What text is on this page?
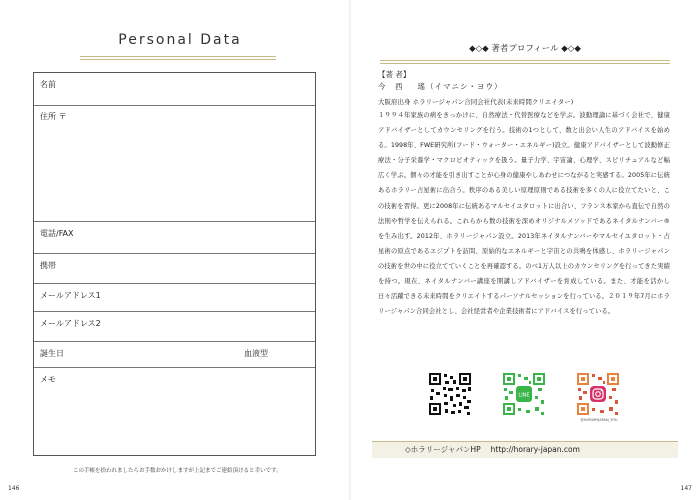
Personal Data
名前
住所 〒
電話/FAX
携帯
メールアドレス1
メールアドレス2
誕生日	血液型
メモ
この手帳を拾われましたらお手数おかけしますが上記までご連絡頂けると幸いです。
146
◆◇◆ 著者プロフィール ◆◇◆
【著 者】
今　西 瑤（イマニシ・ヨウ）
大阪府出身 ホラリージャパン合同会社代表(未来時間クリエイター)

１９９４年家族の病をきっかけに、自然療法・代替医療などを学ぶ。波動理論に基づく会社で、健康アドバイザーとしてカウンセリングを行う。技術の1つとして、数と出会い人生のアドバイスを始める。1998年、FWE研究所(フード・ウォーター・エネルギー)設立。健康アドバイザーとして波動修正療法・分子栄養学・マクロビオティックを扱う。量子力学、宇宙論、心理学、スピリチュアルなど幅広く学ぶ。個々の才能を引き出すことが心身の健康やしあわせにつながると実感する。2005年に伝統あるホラリー占星術に出合う。秩序のある美しい原理原則である技術を多くの人に役立てたいと、この技術を習得。更に2008年に伝統あるマルセイユタロットに出合い、フランス本家から直伝で自然の法則や哲学を伝えられる。これらから数の技術を深めオリジナルメソッドであるネイタルナンバー®を生み出す。2012年、ホラリージャパン設立。2013年ネイタルナンバーやマルセイユタロット・占星術の原点であるエジプトを訪問、原始的なエネルギーと宇宙との共鳴を体感し、ホラリージャパンの技術を世の中に役立てていくことを再確認する。のべ1万人以上のカウンセリングを行ってきた実績を持つ。現在、ネイタルナンバー講座を開講しアドバイザーを育成している。また、才能を活かし日々活躍できる未来時間をクリエイトするパーソナルセッションを行っている。２０１９年7月にホラリージャパン合同会社とし、会社経営者や企業技術者にアドバイスを行っている。

LINE
@HORARYJAPAN_YOU
◇ホラリージャパンHP http://horary-japan.com
147
